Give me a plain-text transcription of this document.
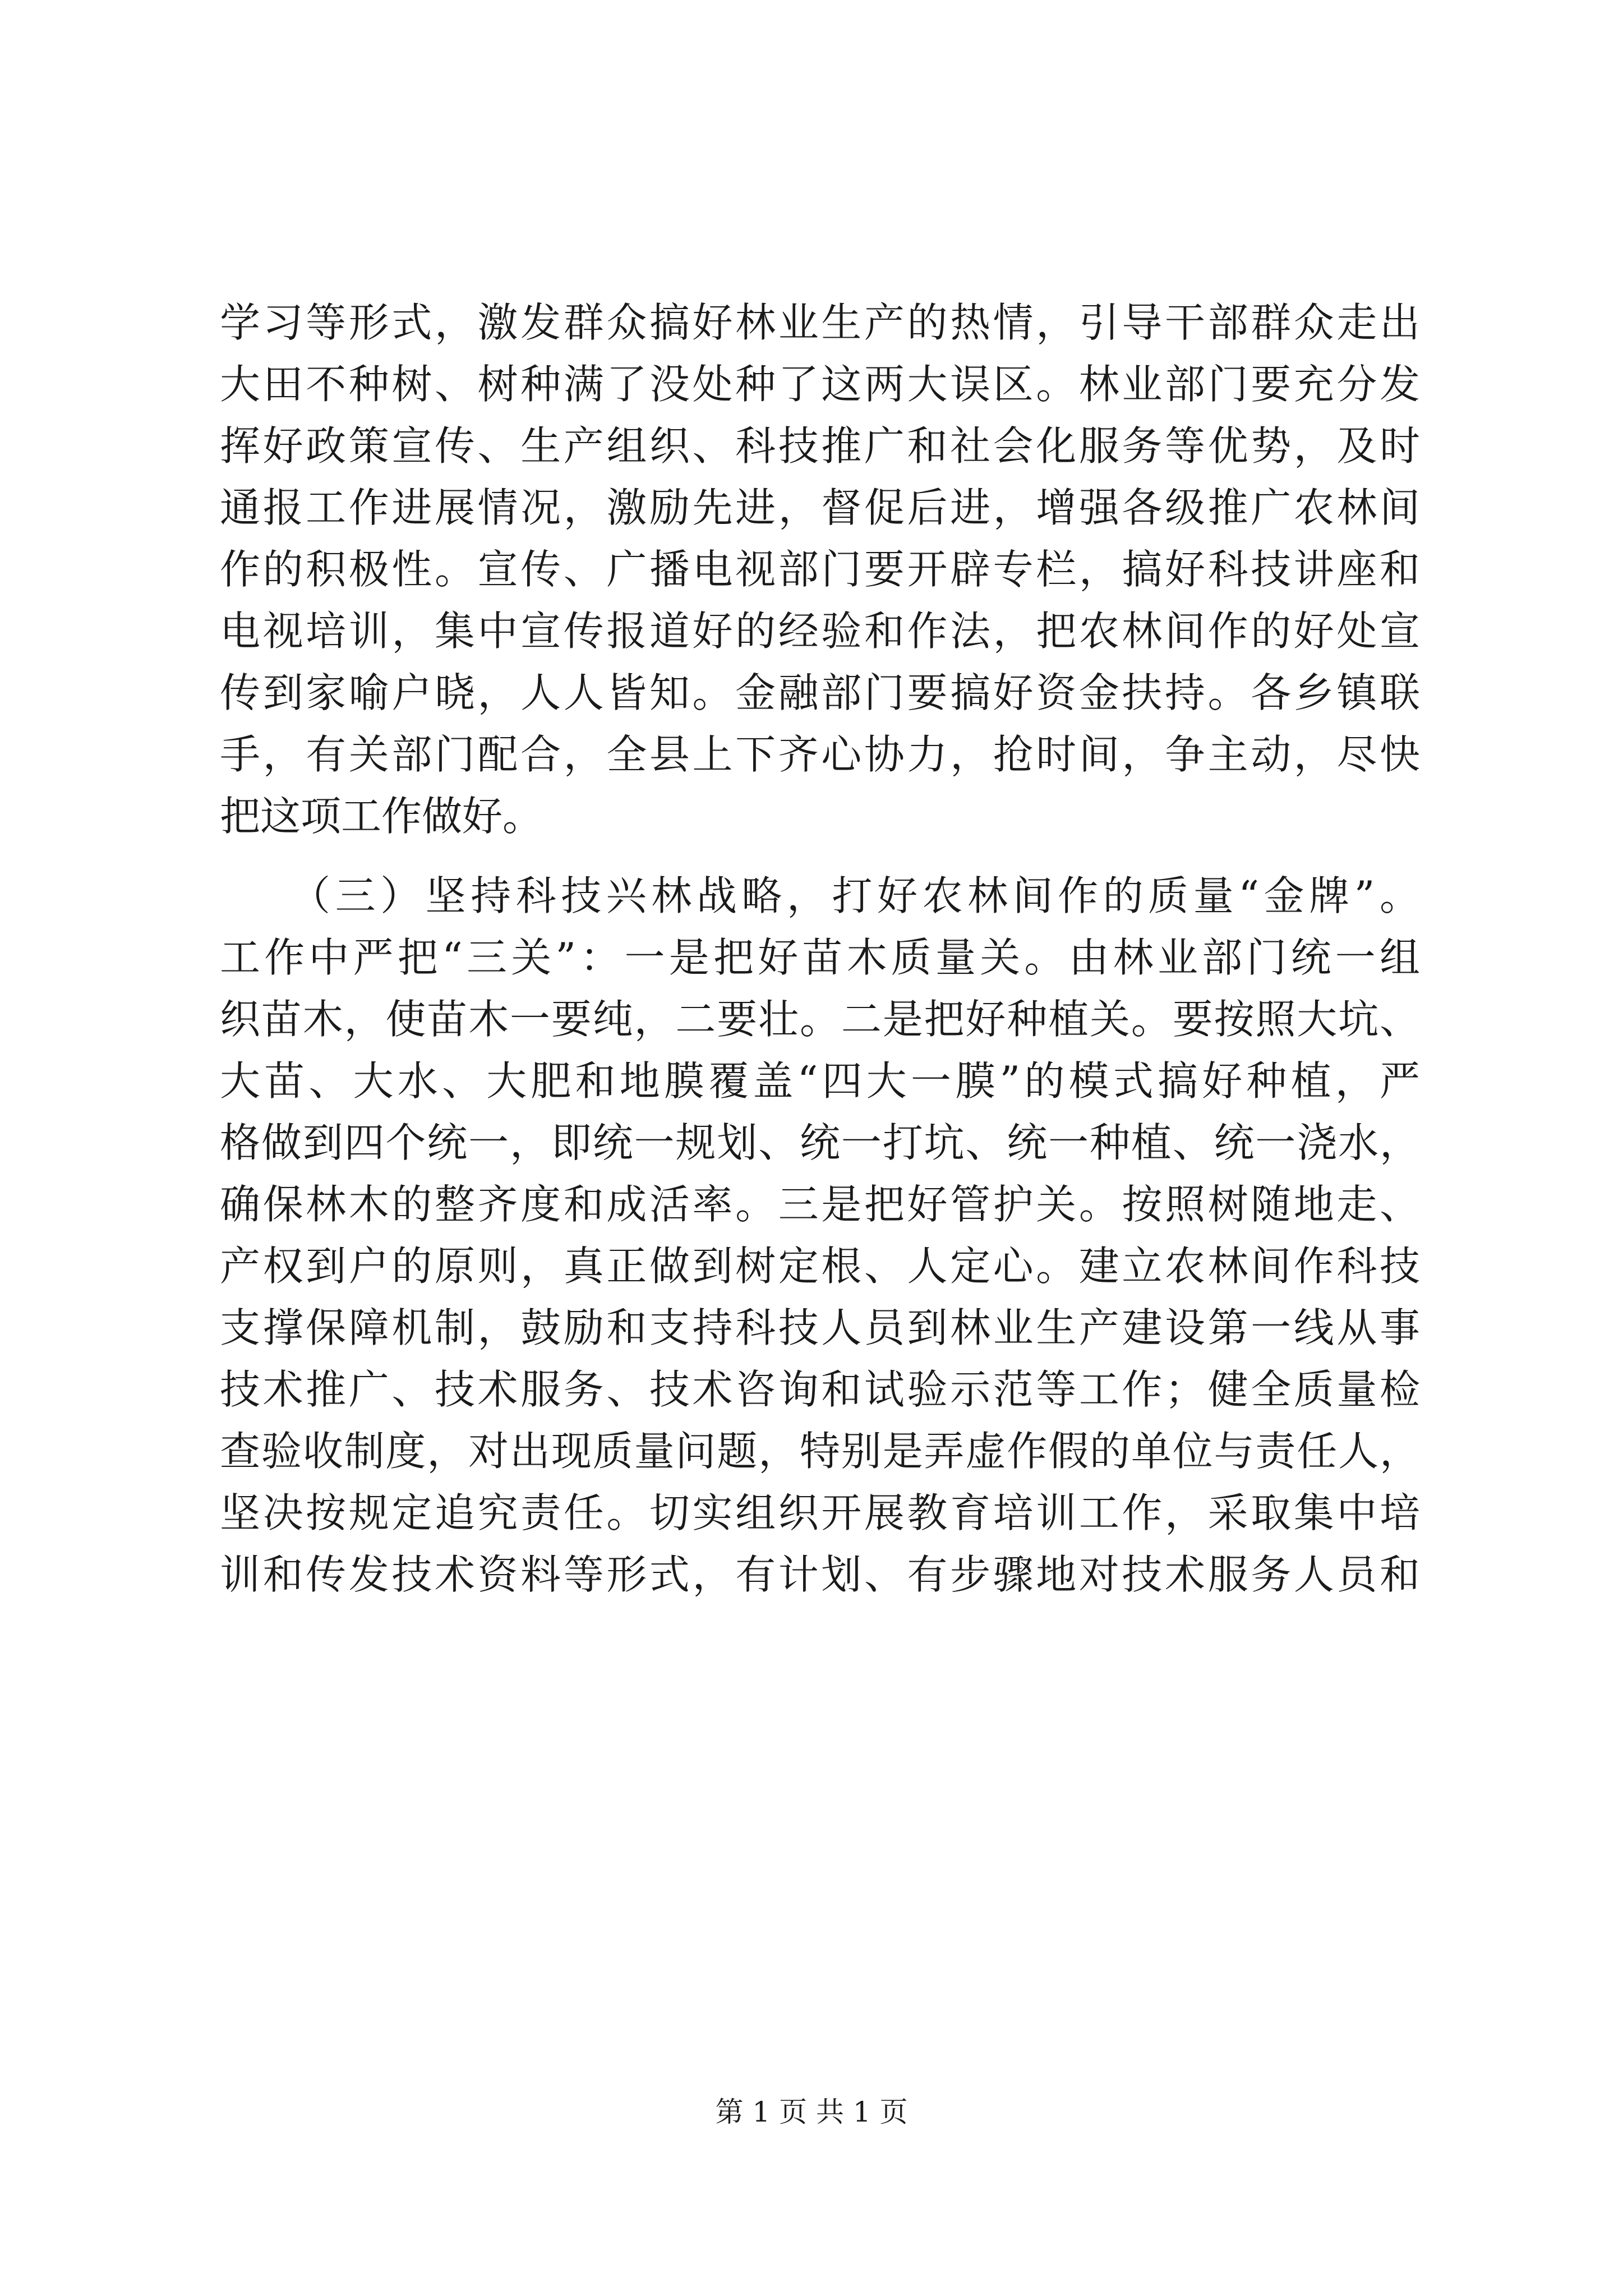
学习等形式，激发群众搞好林业生产的热情，引导干部群众走出
大田不种树、树种满了没处种了这两大误区。林业部门要充分发
挥好政策宣传、生产组织、科技推广和社会化服务等优势，及时
通报工作进展情况，激励先进，督促后进，增强各级推广农林间
作的积极性。宣传、广播电视部门要开辟专栏，搞好科技讲座和
电视培训，集中宣传报道好的经验和作法，把农林间作的好处宣
传到家喻户晓，人人皆知。金融部门要搞好资金扶持。各乡镇联
手，有关部门配合，全县上下齐心协力，抢时间，争主动，尽快
把这项工作做好。
　　（三）坚持科技兴林战略，打好农林间作的质量“金牌”。
工作中严把“三关”：一是把好苗木质量关。由林业部门统一组
织苗木，使苗木一要纯，二要壮。二是把好种植关。要按照大坑、
大苗、大水、大肥和地膜覆盖“四大一膜”的模式搞好种植，严
格做到四个统一，即统一规划、统一打坑、统一种植、统一浇水，
确保林木的整齐度和成活率。三是把好管护关。按照树随地走、
产权到户的原则，真正做到树定根、人定心。建立农林间作科技
支撑保障机制，鼓励和支持科技人员到林业生产建设第一线从事
技术推广、技术服务、技术咨询和试验示范等工作；健全质量检
查验收制度，对出现质量问题，特别是弄虚作假的单位与责任人，
坚决按规定追究责任。切实组织开展教育培训工作，采取集中培
训和传发技术资料等形式，有计划、有步骤地对技术服务人员和
第 1 页 共 1 页
